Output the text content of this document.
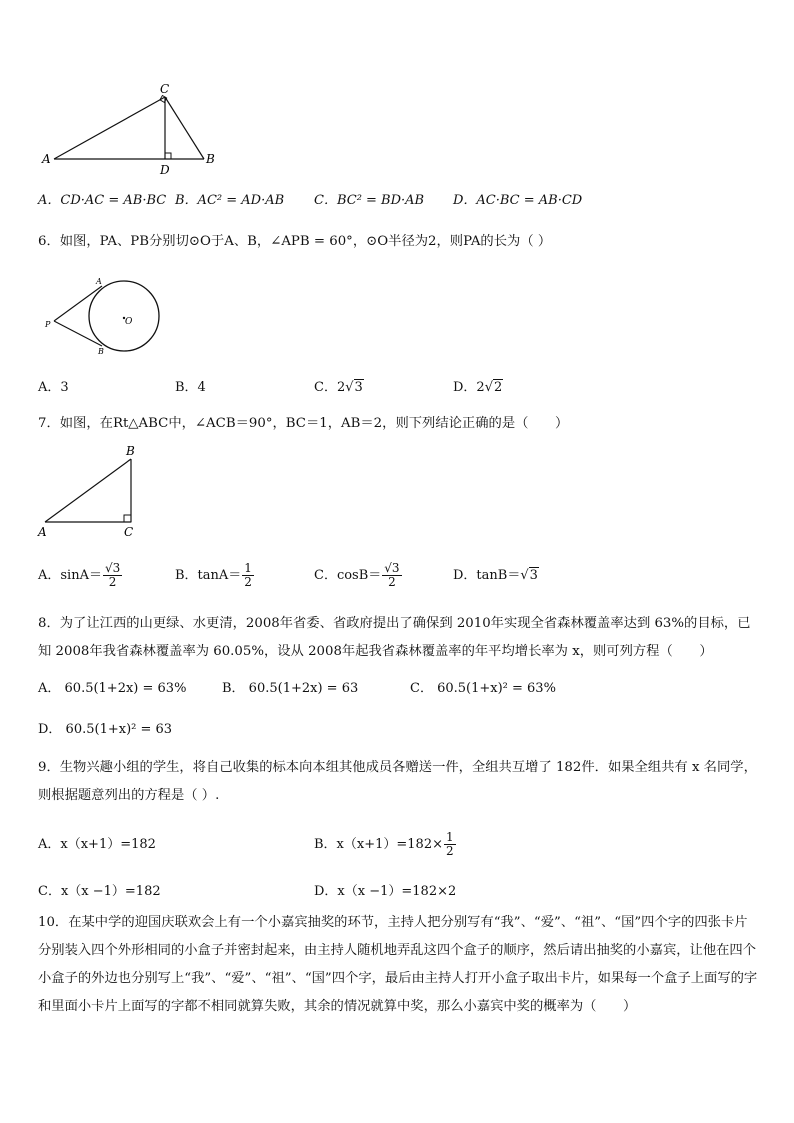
C
A
D
B
A．CD·AC = AB·BC B．AC² = AD·AB C．BC² = BD·AB D．AC·BC = AB·CD
6．如图，PA、PB分别切⊙O于A、B，∠APB = 60°，⊙O半径为2，则PA的长为（ ）
A
P
B
O
A．3	B．4	C．2√3	D．2√2
7．如图，在Rt△ABC中，∠ACB＝90°，BC＝1，AB＝2，则下列结论正确的是（　　）
B
A	C
A．$\sin A= \frac{√3}{2}$	B．$\tan A= \frac{1}{2}$	C．$\cos B= \frac{√3}{2}$	D．tanB＝√3
8．为了让江西的山更绿、水更清，2008年省委、省政府提出了确保到 2010年实现全省森林覆盖率达到 63%的目标，已知 2008年我省森林覆盖率为 60.05%，设从 2008年起我省森林覆盖率的年平均增长率为 x，则可列方程（　　）
A． 60.5(1+2x) = 63%	B． 60.5(1+2x) = 63	C． 60.5(1+x)² = 63%
D． 60.5(1+x)² = 63
9．生物兴趣小组的学生，将自己收集的标本向本组其他成员各赠送一件，全组共互增了 182件．如果全组共有 x 名同学，则根据题意列出的方程是（ ）.
A．x（x+1）=182	B．$x(x+1)=182\times \frac{1}{2}$
C．x（x −1）=182	D．x（x −1）=182×2
10．在某中学的迎国庆联欢会上有一个小嘉宾抽奖的环节，主持人把分别写有“我”、“爱”、“祖”、“国”四个字的四张卡片分别装入四个外形相同的小盒子并密封起来，由主持人随机地弄乱这四个盒子的顺序，然后请出抽奖的小嘉宾，让他在四个小盒子的外边也分别写上“我”、“爱”、“祖”、“国”四个字，最后由主持人打开小盒子取出卡片，如果每一个盒子上面写的字和里面小卡片上面写的字都不相同就算失败，其余的情况就算中奖，那么小嘉宾中奖的概率为（　　）
